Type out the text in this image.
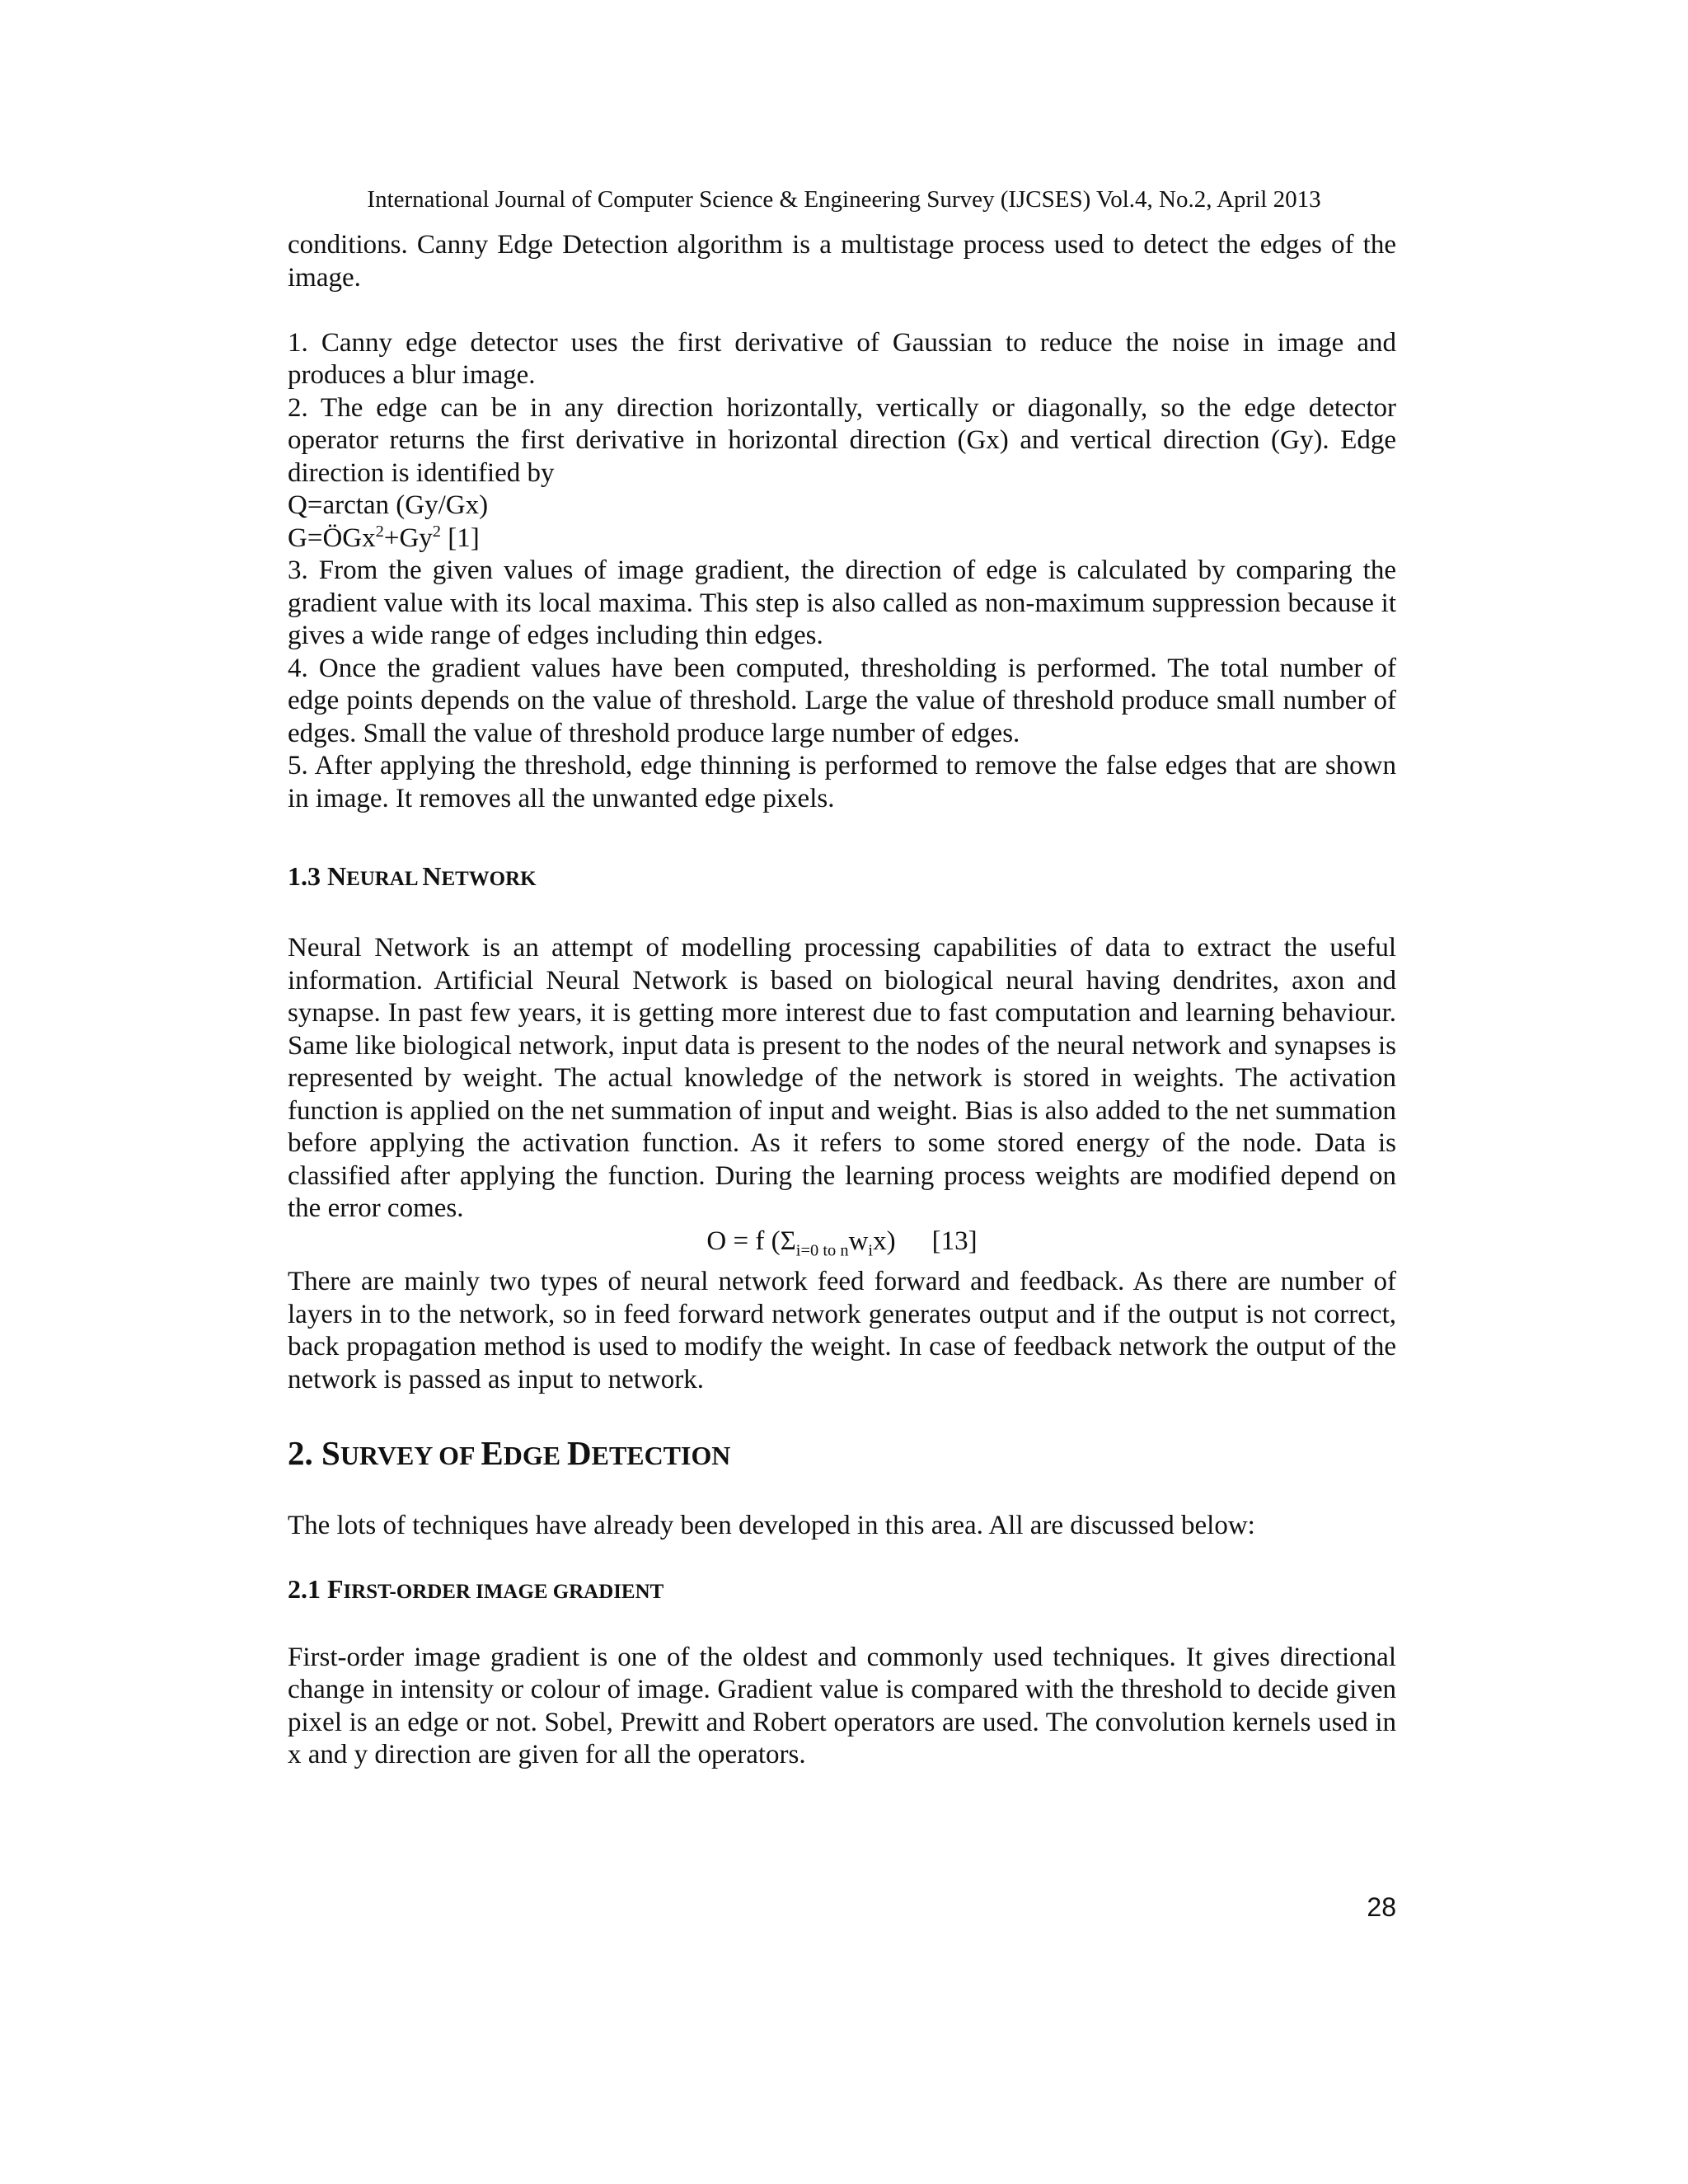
International Journal of Computer Science & Engineering Survey (IJCSES) Vol.4, No.2, April 2013

conditions. Canny Edge Detection algorithm is a multistage process used to detect the edges of the image.

1. Canny edge detector uses the first derivative of Gaussian to reduce the noise in image and produces a blur image.

2. The edge can be in any direction horizontally, vertically or diagonally, so the edge detector operator returns the first derivative in horizontal direction (Gx) and vertical direction (Gy). Edge direction is identified by

Q=arctan (Gy/Gx)

$G=ÖGx^2+Gy^2$ [1]

3. From the given values of image gradient, the direction of edge is calculated by comparing the gradient value with its local maxima. This step is also called as non-maximum suppression because it gives a wide range of edges including thin edges.

4. Once the gradient values have been computed, thresholding is performed. The total number of edge points depends on the value of threshold. Large the value of threshold produce small number of edges. Small the value of threshold produce large number of edges.

5. After applying the threshold, edge thinning is performed to remove the false edges that are shown in image. It removes all the unwanted edge pixels.

1.3 NEURAL NETWORK

Neural Network is an attempt of modelling processing capabilities of data to extract the useful information. Artificial Neural Network is based on biological neural having dendrites, axon and synapse. In past few years, it is getting more interest due to fast computation and learning behaviour. Same like biological network, input data is present to the nodes of the neural network and synapses is represented by weight. The actual knowledge of the network is stored in weights. The activation function is applied on the net summation of input and weight. Bias is also added to the net summation before applying the activation function. As it refers to some stored energy of the node. Data is classified after applying the function. During the learning process weights are modified depend on the error comes.

O = f $(\Sigma_{i=0 to n}w_ix)$ [13]

There are mainly two types of neural network feed forward and feedback. As there are number of layers in to the network, so in feed forward network generates output and if the output is not correct, back propagation method is used to modify the weight. In case of feedback network the output of the network is passed as input to network.

2. SURVEY OF EDGE DETECTION

The lots of techniques have already been developed in this area. All are discussed below:

2.1 FIRST-ORDER IMAGE GRADIENT

First-order image gradient is one of the oldest and commonly used techniques. It gives directional change in intensity or colour of image. Gradient value is compared with the threshold to decide given pixel is an edge or not. Sobel, Prewitt and Robert operators are used. The convolution kernels used in x and y direction are given for all the operators.

28
